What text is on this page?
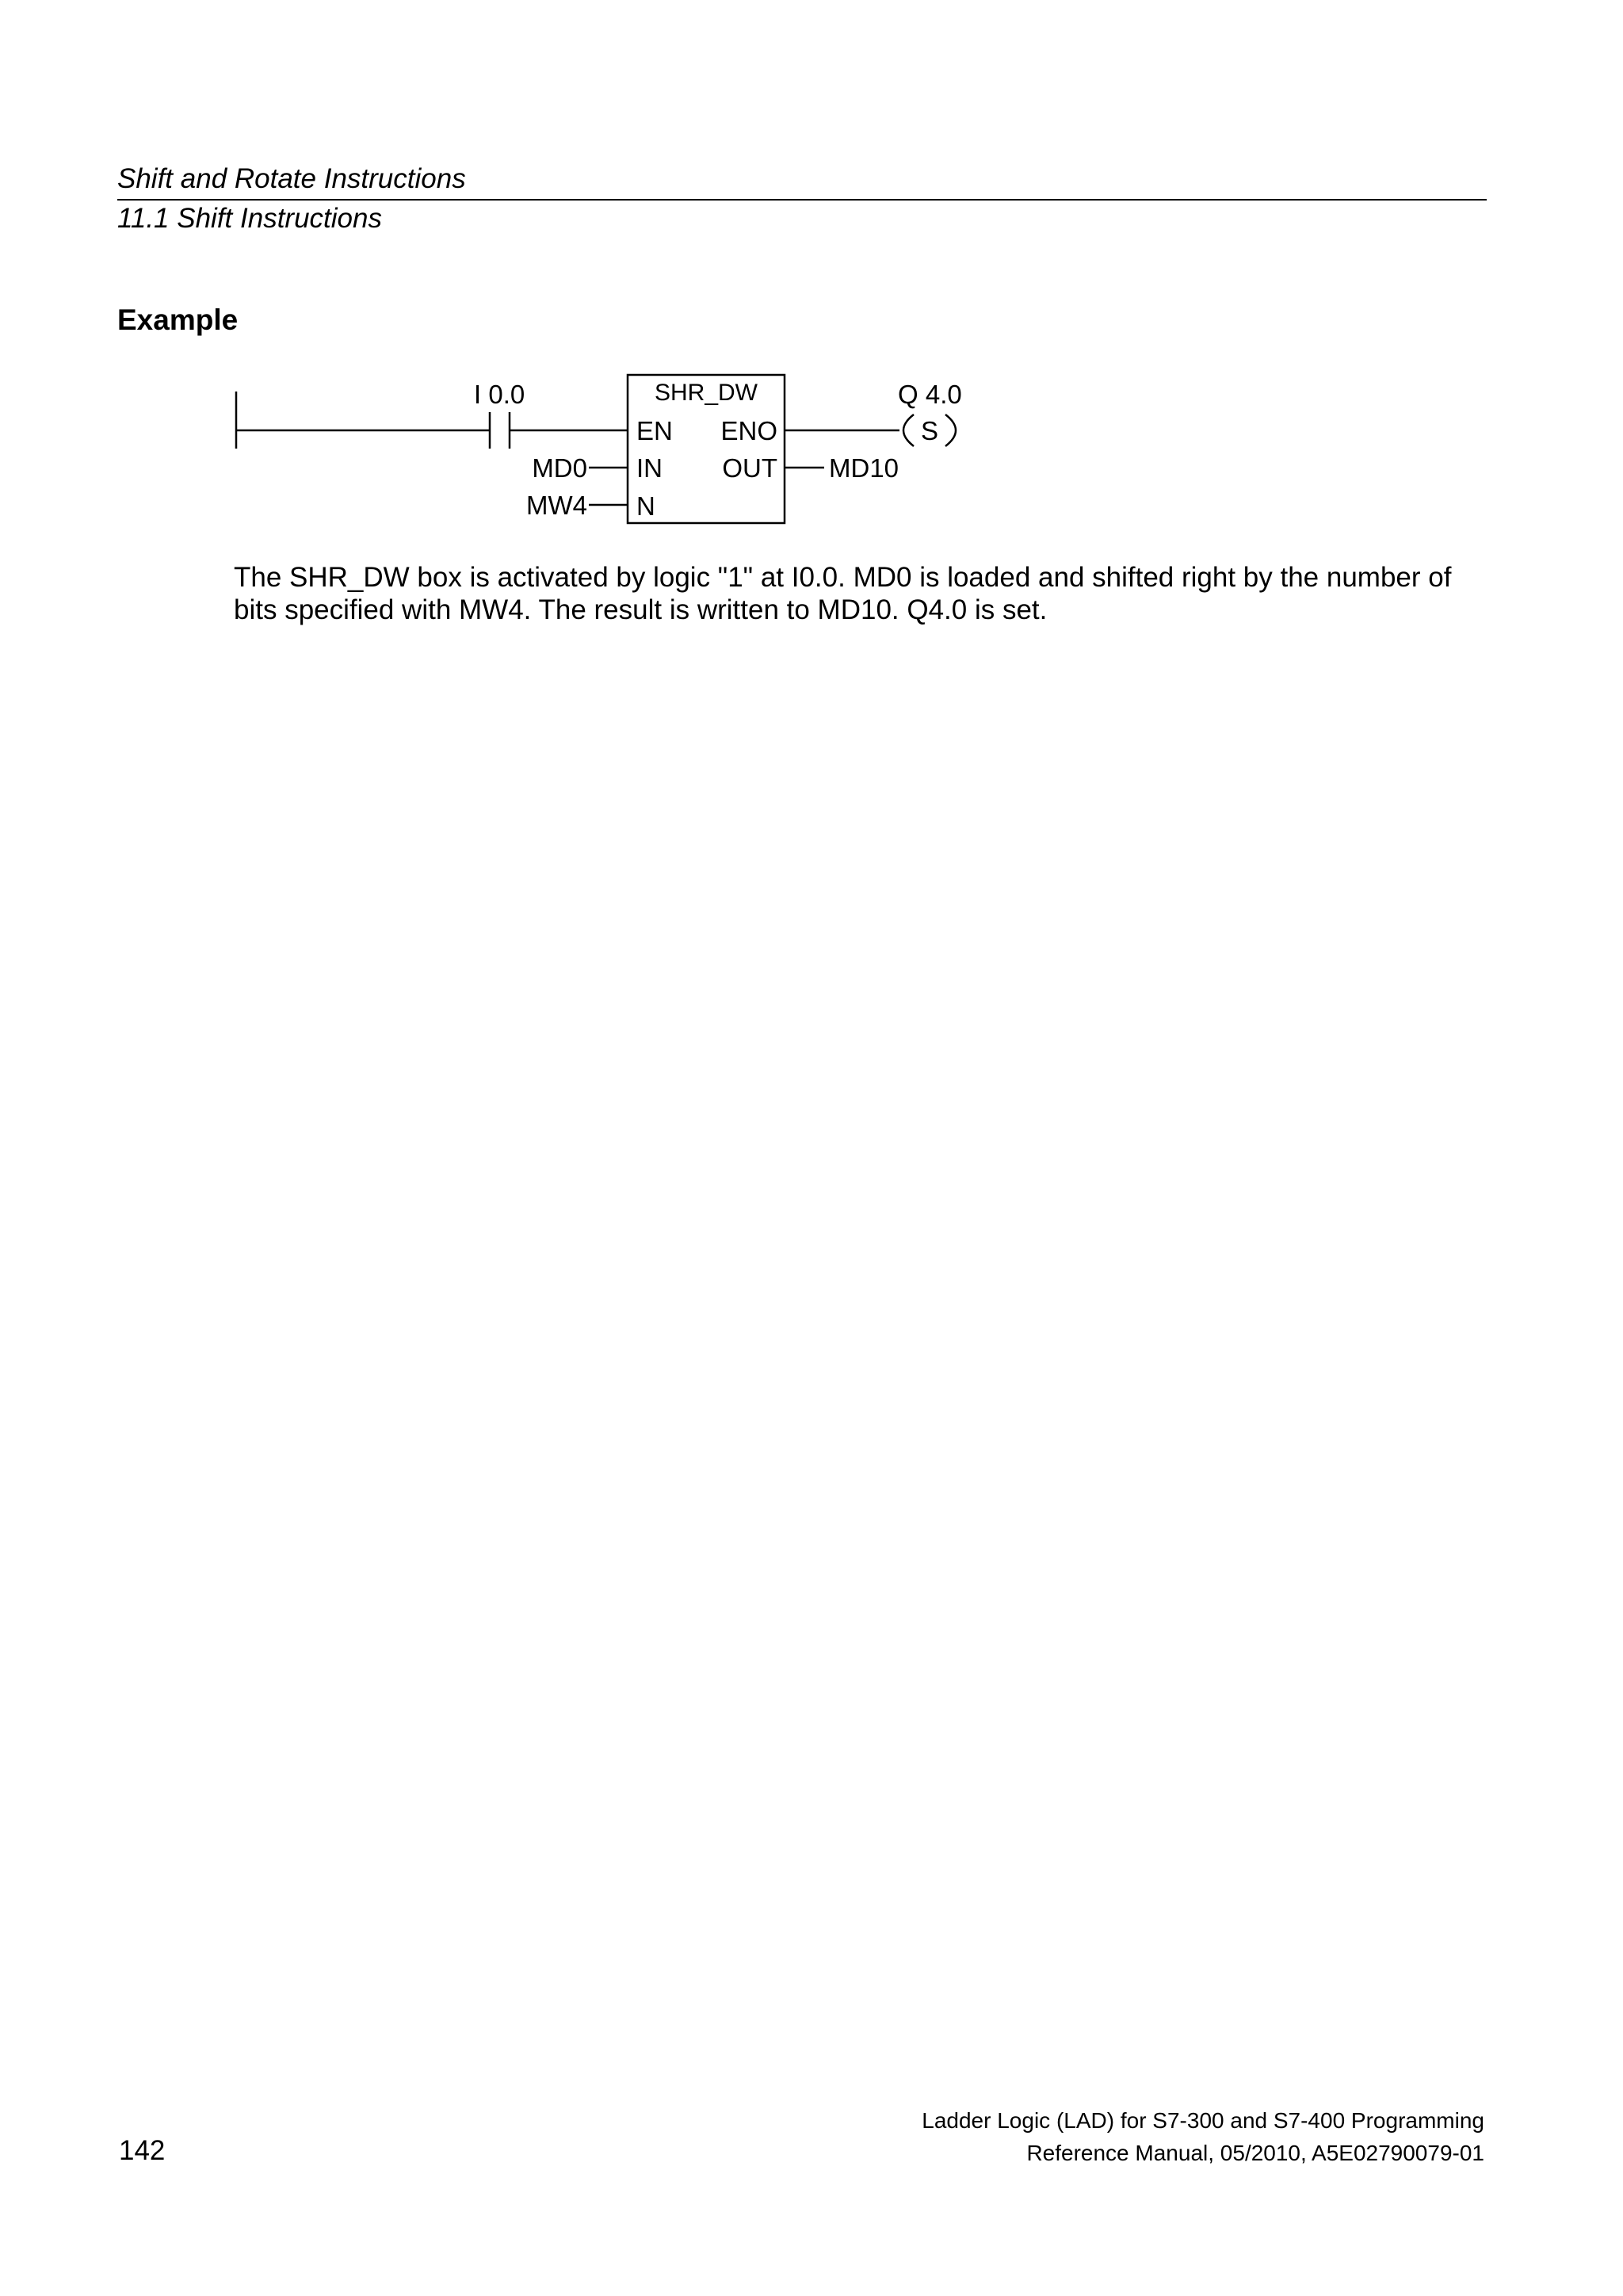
Shift and Rotate Instructions

11.1 Shift Instructions

Example
I 0.0	SHR_DW
EN ENO
IN OUT
N
MD0
MW4
MD10
Q 4.0
S

The SHR_DW box is activated by logic "1" at I0.0. MD0 is loaded and shifted right by the number of
bits specified with MW4. The result is written to MD10. Q4.0 is set.

Ladder Logic (LAD) for S7-300 and S7-400 Programming

Reference Manual, 05/2010, A5E02790079-01

142
